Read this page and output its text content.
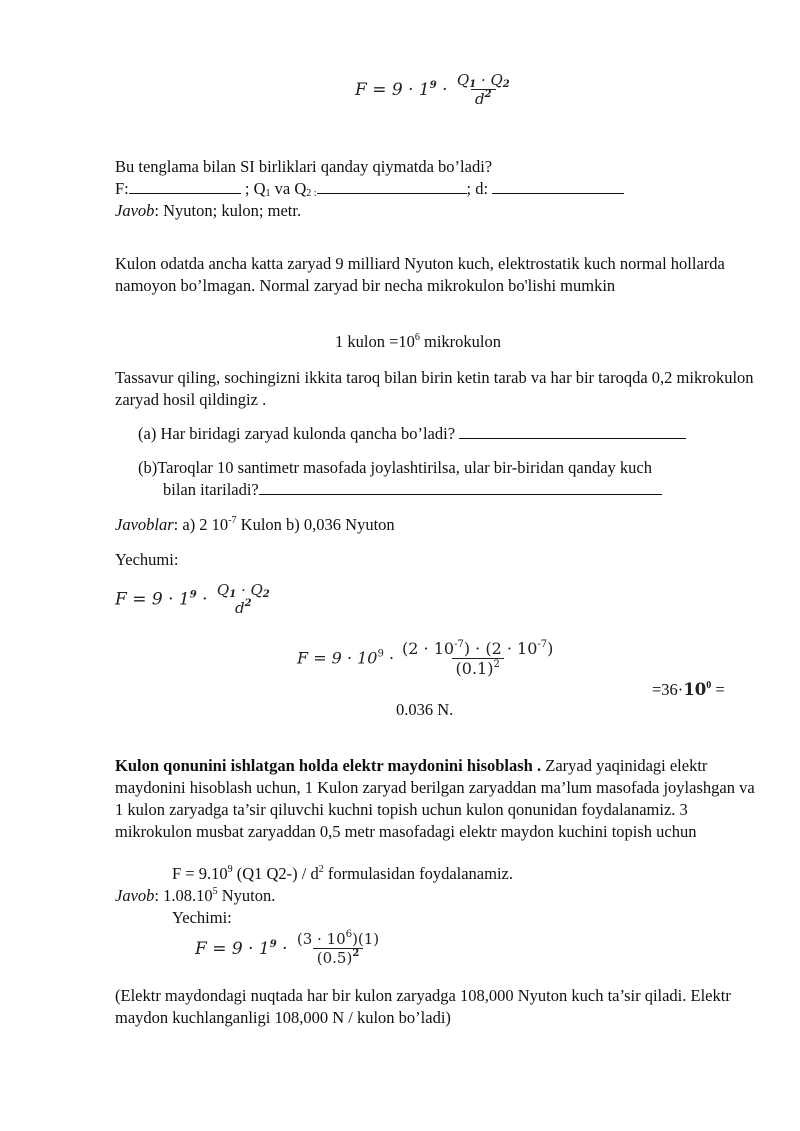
$F = 9 \cdot 1^9 \cdot \frac{Q_1 \cdot Q_2}{d^2}$
Bu tenglama bilan SI birliklari qanday qiymatda bo’ladi?
F:	; $Q_1$ va $Q_{2 :}$	; d:
Javob: Nyuton; kulon; metr.
Kulon odatda ancha katta zaryad 9 milliard Nyuton kuch, elektrostatik kuch normal hollarda namoyon bo’lmagan. Normal zaryad bir necha mikrokulon bo'lishi mumkin
1 kulon $=10^6$ mikrokulon
Tassavur qiling, sochingizni ikkita taroq bilan birin ketin tarab va har bir taroqda 0,2 mikrokulon zaryad hosil qildingiz .
(a) Har biridagi zaryad kulonda qancha bo’ladi?
(b)Taroqlar 10 santimetr masofada joylashtirilsa, ular bir-biridan qanday kuch
bilan itariladi?
Javoblar: a) 2 $10^{-7}$ Kulon b) 0,036 Nyuton
Yechumi:
$F = 9 \cdot 1^9 \cdot Q_1 \cdot Q_2$
$d^2$
$F = 9 \cdot 10^9 \cdot \frac{(2 \cdot 10^{-7}) \cdot (2 \cdot 10^{-7})}{(0.1)^2}$
$=36\cdot 10^0$ =
0.036 N.
Kulon qonunini ishlatgan holda elektr maydonini hisoblash . Zaryad yaqinidagi elektr maydonini hisoblash uchun, 1 Kulon zaryad berilgan zaryaddan ma’lum masofada joylashgan va 1 kulon zaryadga ta’sir qiluvchi kuchni topish uchun kulon qonunidan foydalanamiz. 3 mikrokulon musbat zaryaddan 0,5 metr masofadagi elektr maydon kuchini topish uchun
$F = 9.10^9$ (Q1 $Q2-) / d^2$ formulasidan foydalanamiz.
Javob: 1.08.10$^5$ Nyuton.
Yechimi:
$F = 9 \cdot 1^9 \cdot \frac{(3 \cdot 10^6)(1)}{(0.5)^2}$
(Elektr maydondagi nuqtada har bir kulon zaryadga 108,000 Nyuton kuch ta’sir qiladi. Elektr maydon kuchlanganligi 108,000 N / kulon bo’ladi)
